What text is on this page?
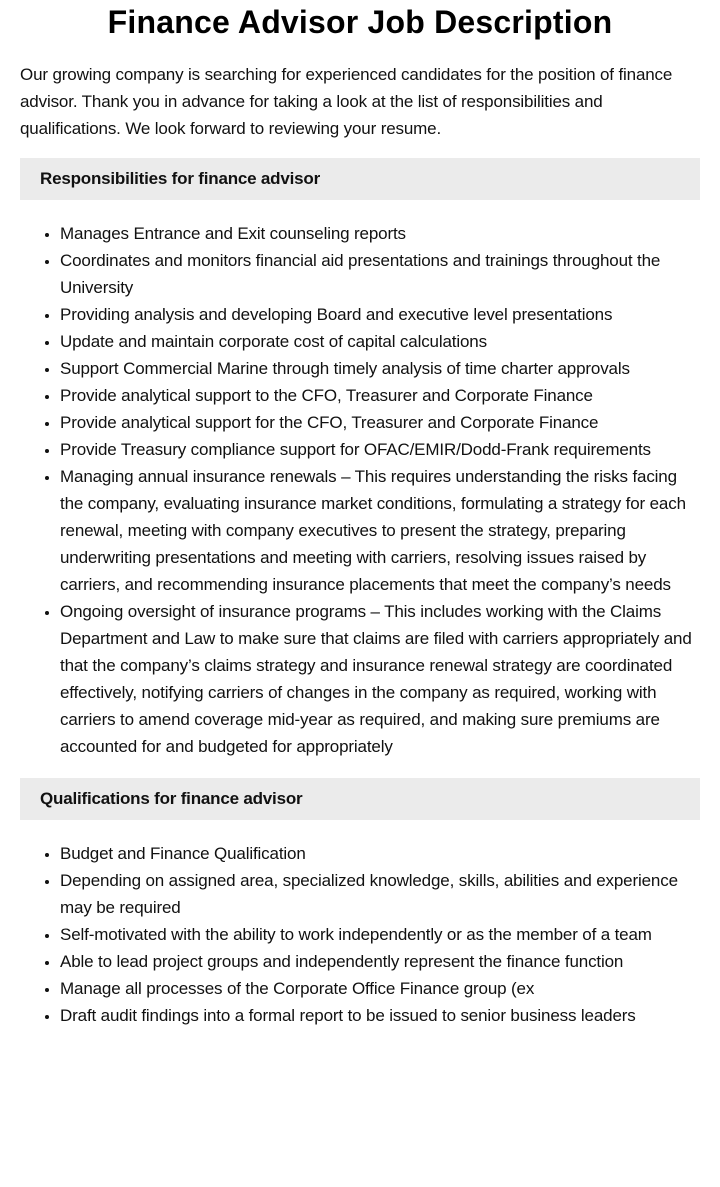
Finance Advisor Job Description

Our growing company is searching for experienced candidates for the position of finance advisor. Thank you in advance for taking a look at the list of responsibilities and qualifications. We look forward to reviewing your resume.

Responsibilities for finance advisor
• Manages Entrance and Exit counseling reports
• Coordinates and monitors financial aid presentations and trainings throughout the University
• Providing analysis and developing Board and executive level presentations
• Update and maintain corporate cost of capital calculations
• Support Commercial Marine through timely analysis of time charter approvals
• Provide analytical support to the CFO, Treasurer and Corporate Finance
• Provide analytical support for the CFO, Treasurer and Corporate Finance
• Provide Treasury compliance support for OFAC/EMIR/Dodd-Frank requirements
• Managing annual insurance renewals – This requires understanding the risks facing the company, evaluating insurance market conditions, formulating a strategy for each renewal, meeting with company executives to present the strategy, preparing underwriting presentations and meeting with carriers, resolving issues raised by carriers, and recommending insurance placements that meet the company’s needs
• Ongoing oversight of insurance programs – This includes working with the Claims Department and Law to make sure that claims are filed with carriers appropriately and that the company’s claims strategy and insurance renewal strategy are coordinated effectively, notifying carriers of changes in the company as required, working with carriers to amend coverage mid-year as required, and making sure premiums are accounted for and budgeted for appropriately
Qualifications for finance advisor
• Budget and Finance Qualification
• Depending on assigned area, specialized knowledge, skills, abilities and experience may be required
• Self-motivated with the ability to work independently or as the member of a team
• Able to lead project groups and independently represent the finance function
• Manage all processes of the Corporate Office Finance group (ex
• Draft audit findings into a formal report to be issued to senior business leaders
